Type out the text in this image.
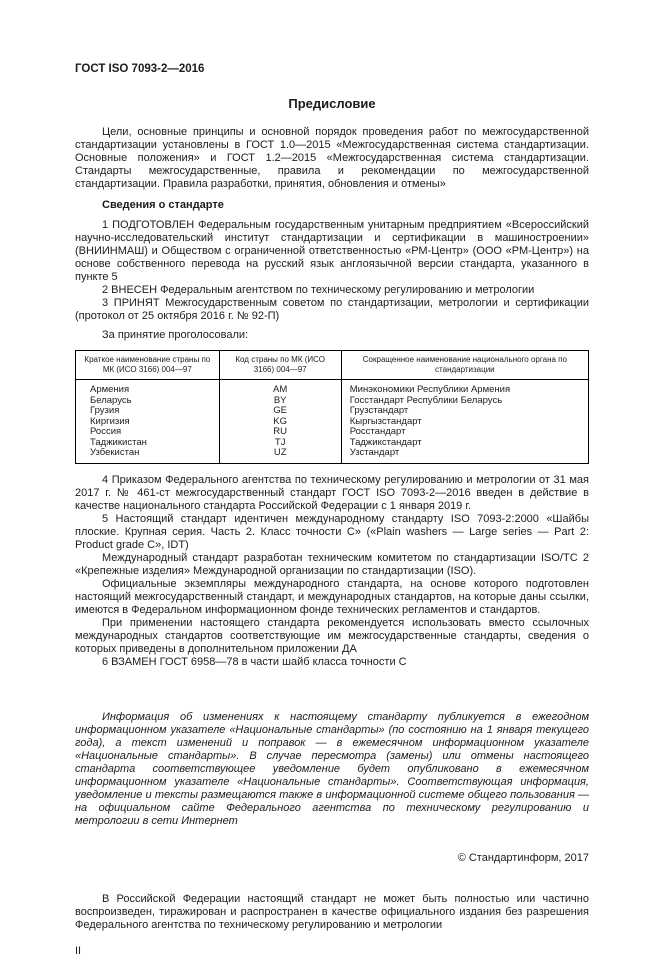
ГОСТ ISO 7093-2—2016
Предисловие

Цели, основные принципы и основной порядок проведения работ по межгосударственной стандартизации установлены в ГОСТ 1.0—2015 «Межгосударственная система стандартизации. Основные положения» и ГОСТ 1.2—2015 «Межгосударственная система стандартизации. Стандарты межгосударственные, правила и рекомендации по межгосударственной стандартизации. Правила разработки, принятия, обновления и отмены»

Сведения о стандарте

1 ПОДГОТОВЛЕН Федеральным государственным унитарным предприятием «Всероссийский научно-исследовательский институт стандартизации и сертификации в машиностроении» (ВНИИНМАШ) и Обществом с ограниченной ответственностью «РМ-Центр» (ООО «РМ-Центр») на основе собственного перевода на русский язык англоязычной версии стандарта, указанного в пункте 5

2 ВНЕСЕН Федеральным агентством по техническому регулированию и метрологии

3 ПРИНЯТ Межгосударственным советом по стандартизации, метрологии и сертификации (протокол от 25 октября 2016 г. № 92-П)

За принятие проголосовали:

Краткое наименование страны по МК (ИСО 3166) 004—97	Код страны по МК (ИСО 3166) 004—97	Сокращенное наименование национального органа по стандартизации
Армения	AM	Минэкономики Республики Армения
Беларусь	BY	Госстандарт Республики Беларусь
Грузия	GE	Грузстандарт
Киргизия	KG	Кыргызстандарт
Россия	RU	Росстандарт
Таджикистан	TJ	Таджикстандарт
Узбекистан	UZ	Узстандарт

4 Приказом Федерального агентства по техническому регулированию и метрологии от 31 мая 2017 г. № 461-ст межгосударственный стандарт ГОСТ ISO 7093-2—2016 введен в действие в качестве национального стандарта Российской Федерации с 1 января 2019 г.

5 Настоящий стандарт идентичен международному стандарту ISO 7093-2:2000 «Шайбы плоские. Крупная серия. Часть 2. Класс точности С» («Plain washers — Large series — Part 2: Product grade C», IDT)

Международный стандарт разработан техническим комитетом по стандартизации ISO/TC 2 «Крепежные изделия» Международной организации по стандартизации (ISO).

Официальные экземпляры международного стандарта, на основе которого подготовлен настоящий межгосударственный стандарт, и международных стандартов, на которые даны ссылки, имеются в Федеральном информационном фонде технических регламентов и стандартов.

При применении настоящего стандарта рекомендуется использовать вместо ссылочных международных стандартов соответствующие им межгосударственные стандарты, сведения о которых приведены в дополнительном приложении ДА

6 ВЗАМЕН ГОСТ 6958—78 в части шайб класса точности С

Информация об изменениях к настоящему стандарту публикуется в ежегодном информационном указателе «Национальные стандарты» (по состоянию на 1 января текущего года), а текст изменений и поправок — в ежемесячном информационном указателе «Национальные стандарты». В случае пересмотра (замены) или отмены настоящего стандарта соответствующее уведомление будет опубликовано в ежемесячном информационном указателе «Национальные стандарты». Соответствующая информация, уведомление и тексты размещаются также в информационной системе общего пользования — на официальном сайте Федерального агентства по техническому регулированию и метрологии в сети Интернет

© Стандартинформ, 2017

В Российской Федерации настоящий стандарт не может быть полностью или частично воспроизведен, тиражирован и распространен в качестве официального издания без разрешения Федерального агентства по техническому регулированию и метрологии

II
